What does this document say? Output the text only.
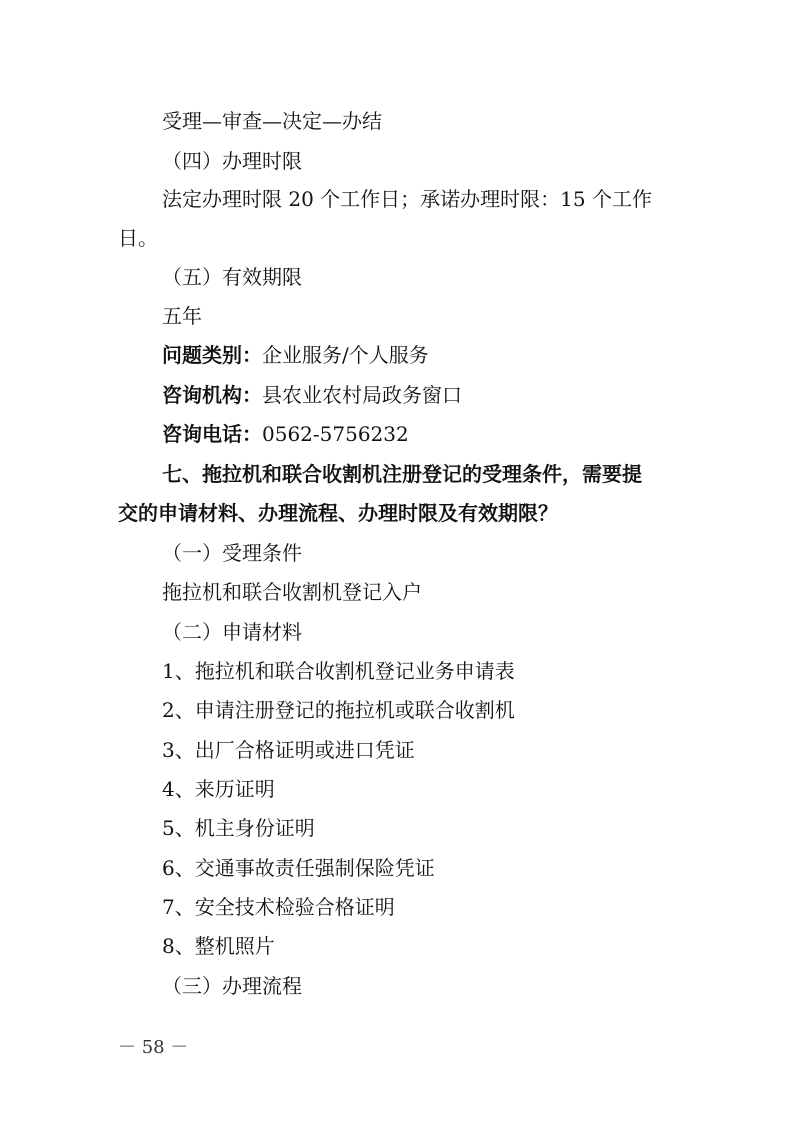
受理—审查—决定—办结
（四）办理时限
法定办理时限 20 个工作日；承诺办理时限：15 个工作
日。
（五）有效期限
五年
问题类别：企业服务/个人服务
咨询机构：县农业农村局政务窗口
咨询电话：0562-5756232
七、拖拉机和联合收割机注册登记的受理条件，需要提
交的申请材料、办理流程、办理时限及有效期限？
（一）受理条件
拖拉机和联合收割机登记入户
（二）申请材料
1、拖拉机和联合收割机登记业务申请表
2、申请注册登记的拖拉机或联合收割机
3、出厂合格证明或进口凭证
4、来历证明
5、机主身份证明
6、交通事故责任强制保险凭证
7、安全技术检验合格证明
8、整机照片
（三）办理流程
－ 58 －
